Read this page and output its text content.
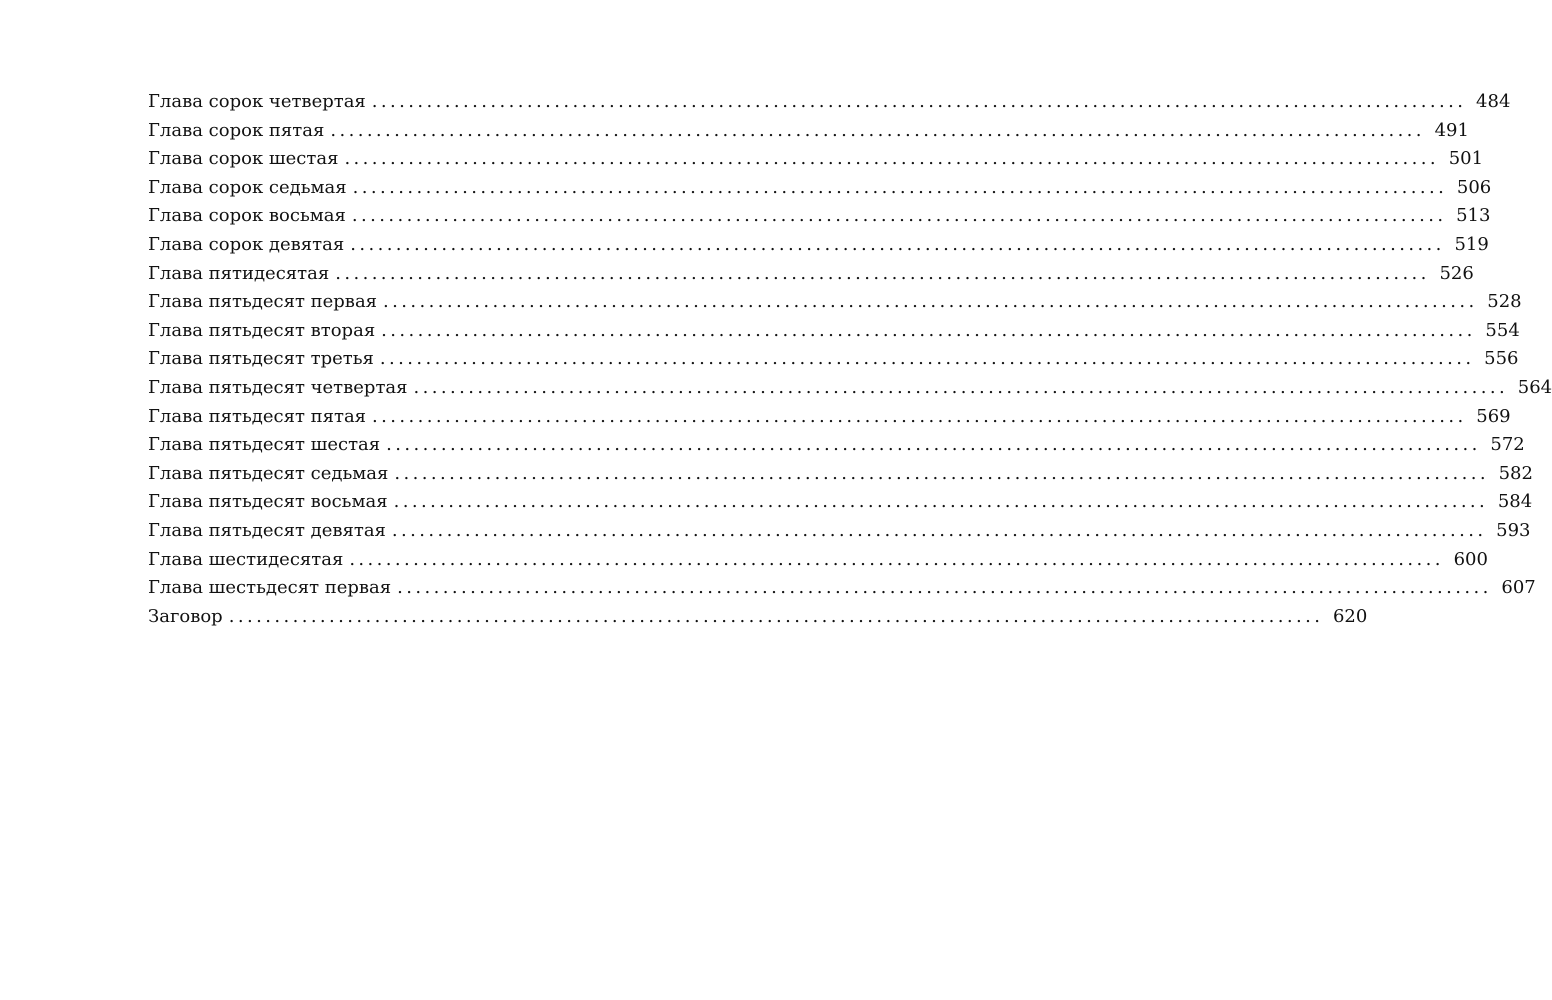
Глава сорок четвертая ........................................................................................................................ 484
Глава сорок пятая ........................................................................................................................ 491
Глава сорок шестая ........................................................................................................................ 501
Глава сорок седьмая ........................................................................................................................ 506
Глава сорок восьмая ........................................................................................................................ 513
Глава сорок девятая ........................................................................................................................ 519
Глава пятидесятая ........................................................................................................................ 526
Глава пятьдесят первая ........................................................................................................................ 528
Глава пятьдесят вторая ........................................................................................................................ 554
Глава пятьдесят третья ........................................................................................................................ 556
Глава пятьдесят четвертая ........................................................................................................................ 564
Глава пятьдесят пятая ........................................................................................................................ 569
Глава пятьдесят шестая ........................................................................................................................ 572
Глава пятьдесят седьмая ........................................................................................................................ 582
Глава пятьдесят восьмая ........................................................................................................................ 584
Глава пятьдесят девятая ........................................................................................................................ 593
Глава шестидесятая ........................................................................................................................ 600
Глава шестьдесят первая ........................................................................................................................ 607
Заговор ........................................................................................................................ 620
